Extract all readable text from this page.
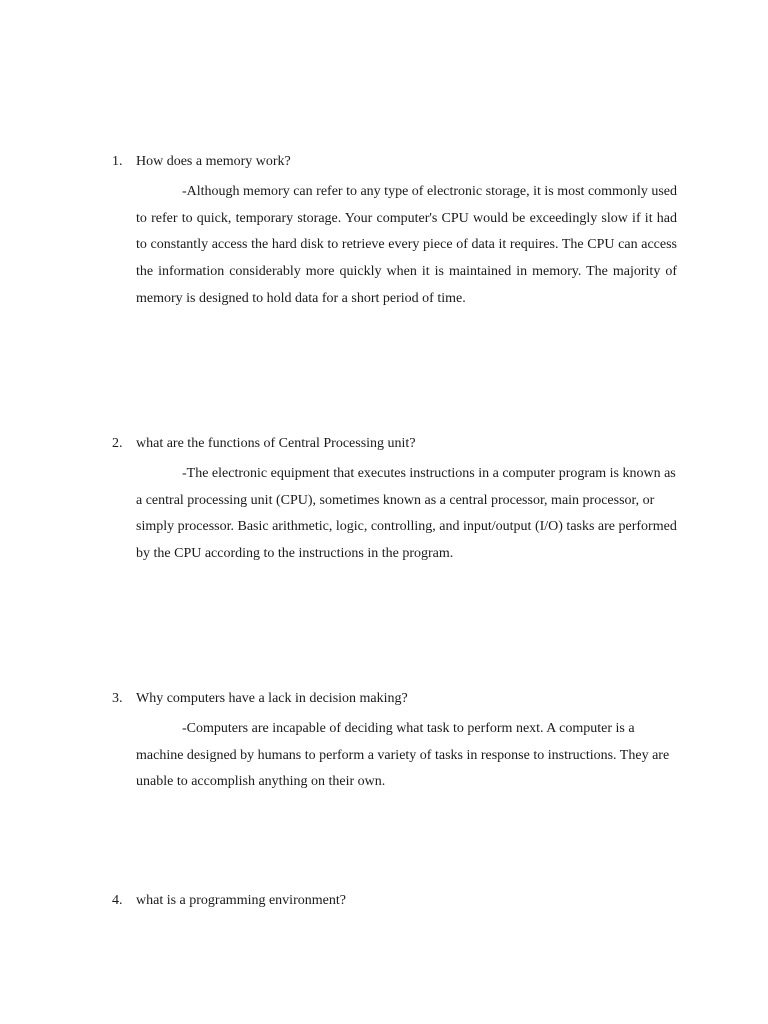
1. How does a memory work?

-Although memory can refer to any type of electronic storage, it is most commonly used to refer to quick, temporary storage. Your computer's CPU would be exceedingly slow if it had to constantly access the hard disk to retrieve every piece of data it requires. The CPU can access the information considerably more quickly when it is maintained in memory. The majority of memory is designed to hold data for a short period of time.

2. what are the functions of Central Processing unit?

-The electronic equipment that executes instructions in a computer program is known as a central processing unit (CPU), sometimes known as a central processor, main processor, or simply processor. Basic arithmetic, logic, controlling, and input/output (I/O) tasks are performed by the CPU according to the instructions in the program.

3. Why computers have a lack in decision making?

-Computers are incapable of deciding what task to perform next. A computer is a machine designed by humans to perform a variety of tasks in response to instructions. They are unable to accomplish anything on their own.

4. what is a programming environment?
